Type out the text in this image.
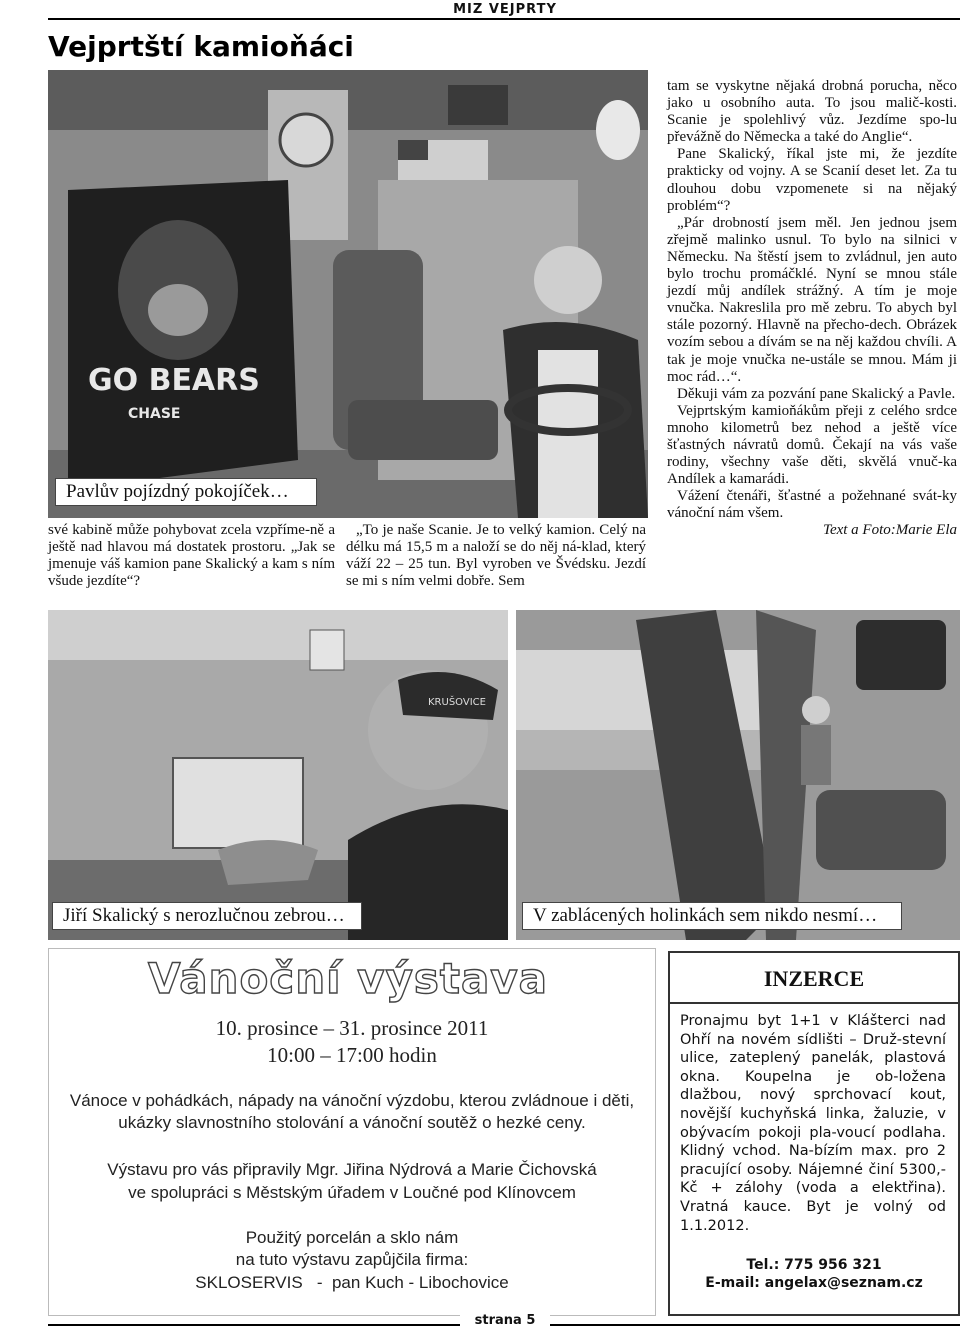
MIZ VEJPRTY
Vejprtští kamioňáci
GO BEARS
CHASE
Pavlův pojízdný pokojíček…

své kabině může pohybovat zcela vzpříme-ně a ještě nad hlavou má dostatek prostoru. „Jak se jmenuje váš kamion pane Skalický a kam s ním všude jezdíte“?

„To je naše Scanie. Je to velký kamion. Celý na délku má 15,5 m a naloží se do něj ná-klad, který váží 22 – 25 tun. Byl vyroben ve Švédsku. Jezdí se mi s ním velmi dobře. Sem

tam se vyskytne nějaká drobná porucha, něco jako u osobního auta. To jsou malič-kosti. Scanie je spolehlivý vůz. Jezdíme spo-lu převážně do Německa a také do Anglie“.

Pane Skalický, říkal jste mi, že jezdíte prakticky od vojny. A se Scanií deset let. Za tu dlouhou dobu vzpomenete si na nějaký problém“?

„Pár drobností jsem měl. Jen jednou jsem zřejmě malinko usnul. To bylo na silnici v Německu. Na štěstí jsem to zvládnul, jen auto bylo trochu promáčklé. Nyní se mnou stále jezdí můj andílek strážný. A tím je moje vnučka. Nakreslila pro mě zebru. To abych byl stále pozorný. Hlavně na přecho-dech. Obrázek vozím sebou a dívám se na něj každou chvíli. A tak je moje vnučka ne-ustále se mnou. Mám ji moc rád…“.

Děkuji vám za pozvání pane Skalický a Pavle.

Vejprtským kamioňákům přeji z celého srdce mnoho kilometrů bez nehod a ještě více šťastných návratů domů. Čekají na vás vaše rodiny, všechny vaše děti, skvělá vnuč-ka Andílek a kamarádi.

Vážení čtenáři, šťastné a požehnané svát-ky vánoční nám všem.

Text a Foto:Marie Ela

KRUŠOVICE
Jiří Skalický s nerozlučnou zebrou…	V zablácených holinkách sem nikdo nesmí…
Vánoční výstava
10. prosince – 31. prosince 2011
10:00 – 17:00 hodin
Vánoce v pohádkách, nápady na vánoční výzdobu, kterou zvládnoue i děti,
ukázky slavnostního stolování a vánoční soutěž o hezké ceny.
Výstavu pro vás připravily Mgr. Jiřina Nýdrová a Marie Čichovská
ve spolupráci s Městským úřadem v Loučné pod Klínovcem
Použitý porcelán a sklo nám
na tuto výstavu zapůjčila firma:
SKLOSERVIS   -  pan Kuch - Libochovice
INZERCE
Pronajmu byt 1+1 v Klášterci nad Ohří na novém sídlišti – Druž-stevní ulice, zateplený panelák, plastová okna. Koupelna je ob-ložena dlažbou, nový sprchovací kout, novější kuchyňská linka, žaluzie, v obývacím pokoji pla-voucí podlaha. Klidný vchod. Na-bízím max. pro 2 pracující osoby. Nájemné činí 5300,-Kč + zálohy (voda a elektřina). Vratná kauce. Byt je volný od 1.1.2012.
Tel.: 775 956 321
E-mail: angelax@seznam.cz
strana 5
